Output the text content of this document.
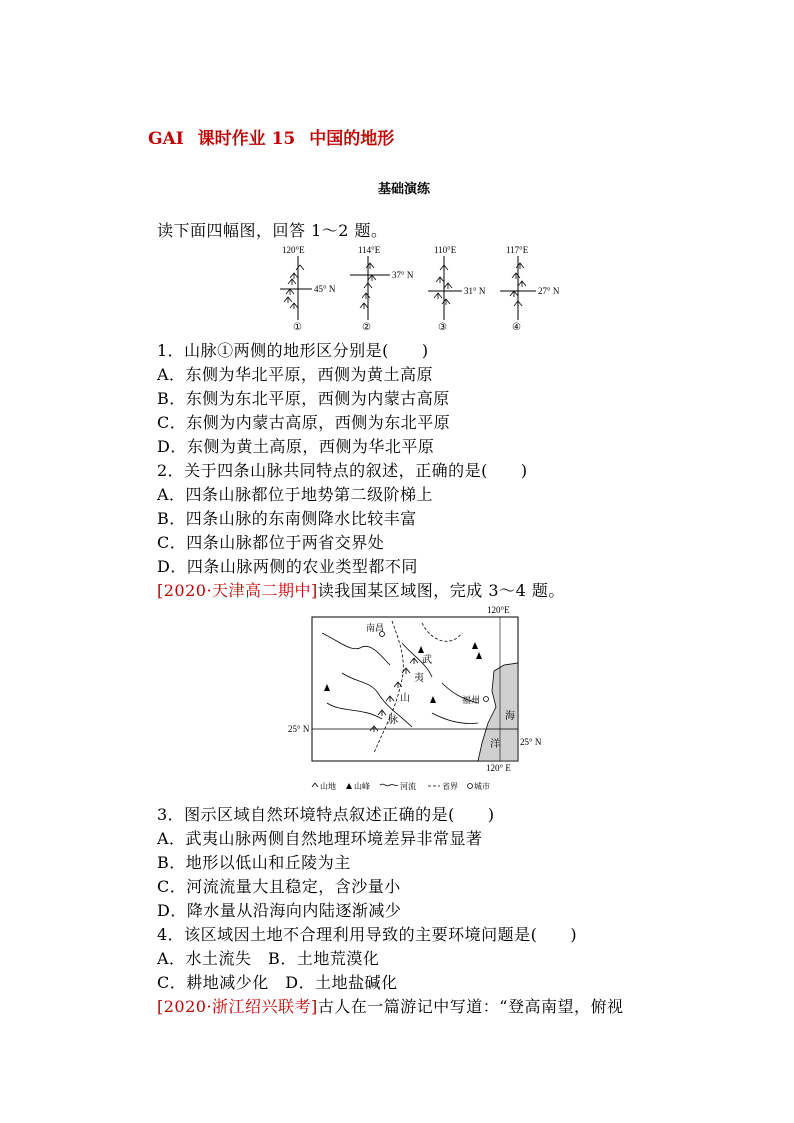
GAI 课时作业 15 中国的地形
基础演练
读下面四幅图，回答 1～2 题。
120°E
45° N
①
114°E
37° N
②
110°E
31° N
③
117°E
27° N
④
1．山脉①两侧的地形区分别是(　　)
A．东侧为华北平原，西侧为黄土高原
B．东侧为东北平原，西侧为内蒙古高原
C．东侧为内蒙古高原，西侧为东北平原
D．东侧为黄土高原，西侧为华北平原
2．关于四条山脉共同特点的叙述，正确的是(　　)
A．四条山脉都位于地势第二级阶梯上
B．四条山脉的东南侧降水比较丰富
C．四条山脉都位于两省交界处
D．四条山脉两侧的农业类型都不同
[2020·天津高二期中]读我国某区域图，完成 3～4 题。
120°E
南昌
福州
武
夷
山
脉	海
洋
25° N
25° N
120° E
山地 山峰	河流	省界 城市
3．图示区域自然环境特点叙述正确的是(　　)
A．武夷山脉两侧自然地理环境差异非常显著
B．地形以低山和丘陵为主
C．河流流量大且稳定，含沙量小
D．降水量从沿海向内陆逐渐减少
4．该区域因土地不合理利用导致的主要环境问题是(　　)
A．水土流失　B．土地荒漠化
C．耕地减少化　D．土地盐碱化
[2020·浙江绍兴联考]古人在一篇游记中写道：“登高南望，俯视
